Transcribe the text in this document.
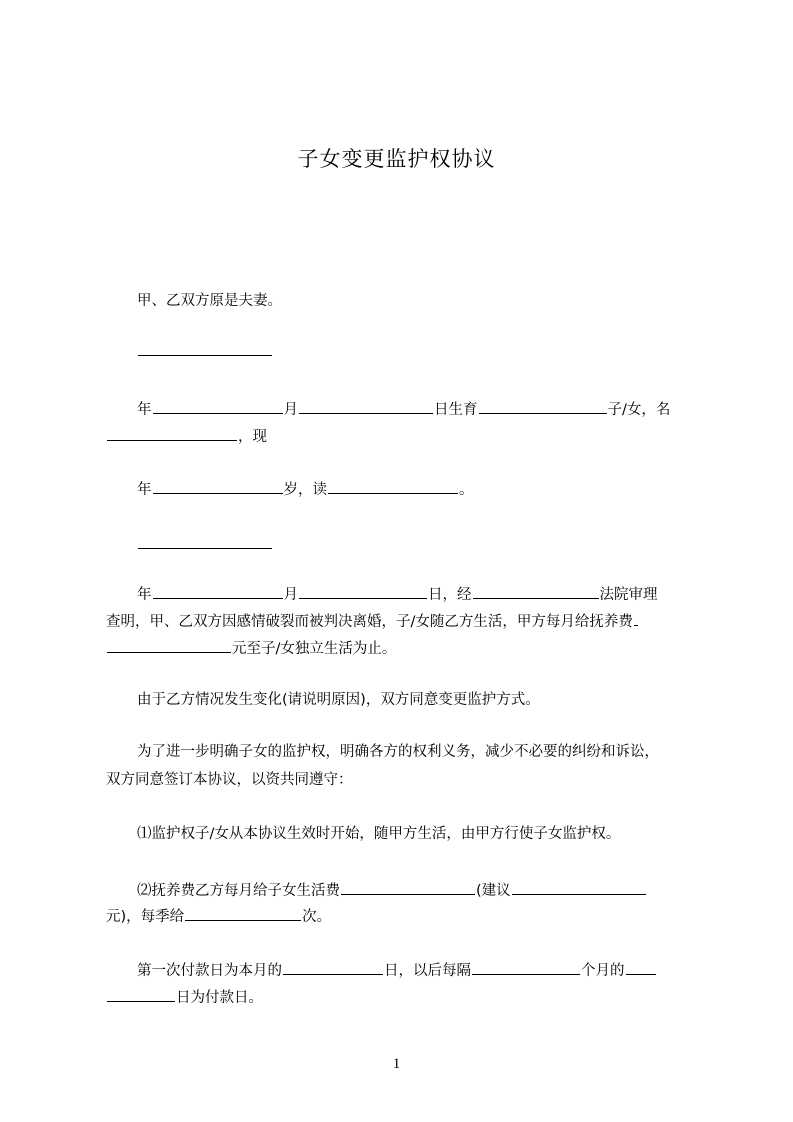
子女变更监护权协议
甲、乙双方原是夫妻。
年	月	日生育	子/女，名
，现
年	岁，读	。
年	月	日，经	法院审理
查明，甲、乙双方因感情破裂而被判决离婚，子/女随乙方生活，甲方每月给抚养费
元至子/女独立生活为止。
由于乙方情况发生变化(请说明原因)，双方同意变更监护方式。
为了进一步明确子女的监护权，明确各方的权利义务，减少不必要的纠纷和诉讼，
双方同意签订本协议，以资共同遵守：
⑴监护权子/女从本协议生效时开始，随甲方生活，由甲方行使子女监护权。
⑵抚养费乙方每月给子女生活费	(建议
元)，每季给	次。
第一次付款日为本月的	日，以后每隔	个月的
日为付款日。
1
